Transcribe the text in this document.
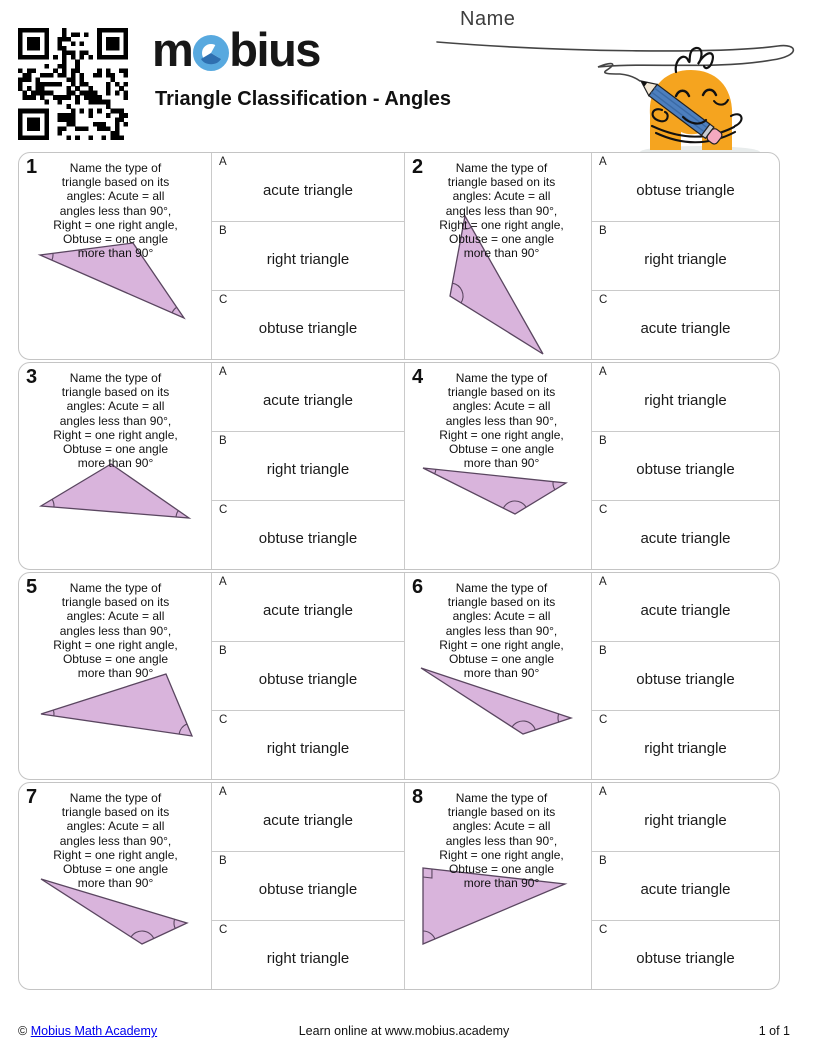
m bius
Triangle Classification - Angles
Name
1	Name the type of triangle based on its angles: Acute = all angles less than 90°, Right = one right angle, Obtuse = one angle more than 90°
A
acute triangle
B
right triangle
C
obtuse triangle
2	Name the type of triangle based on its angles: Acute = all angles less than 90°, Right = one right angle, Obtuse = one angle more than 90°
A
obtuse triangle
B
right triangle
C
acute triangle
3	Name the type of triangle based on its angles: Acute = all angles less than 90°, Right = one right angle, Obtuse = one angle more than 90°
A
acute triangle
B
right triangle
C
obtuse triangle
4	Name the type of triangle based on its angles: Acute = all angles less than 90°, Right = one right angle, Obtuse = one angle more than 90°
A
right triangle
B
obtuse triangle
C
acute triangle
5	Name the type of triangle based on its angles: Acute = all angles less than 90°, Right = one right angle, Obtuse = one angle more than 90°
A
acute triangle
B
obtuse triangle
C
right triangle
6	Name the type of triangle based on its angles: Acute = all angles less than 90°, Right = one right angle, Obtuse = one angle more than 90°
A
acute triangle
B
obtuse triangle
C
right triangle
7	Name the type of triangle based on its angles: Acute = all angles less than 90°, Right = one right angle, Obtuse = one angle more than 90°
A
acute triangle
B
obtuse triangle
C
right triangle
8	Name the type of triangle based on its angles: Acute = all angles less than 90°, Right = one right angle, Obtuse = one angle more than 90°
A
right triangle
B
acute triangle
C
obtuse triangle
© Mobius Math Academy	Learn online at www.mobius.academy	1 of 1
